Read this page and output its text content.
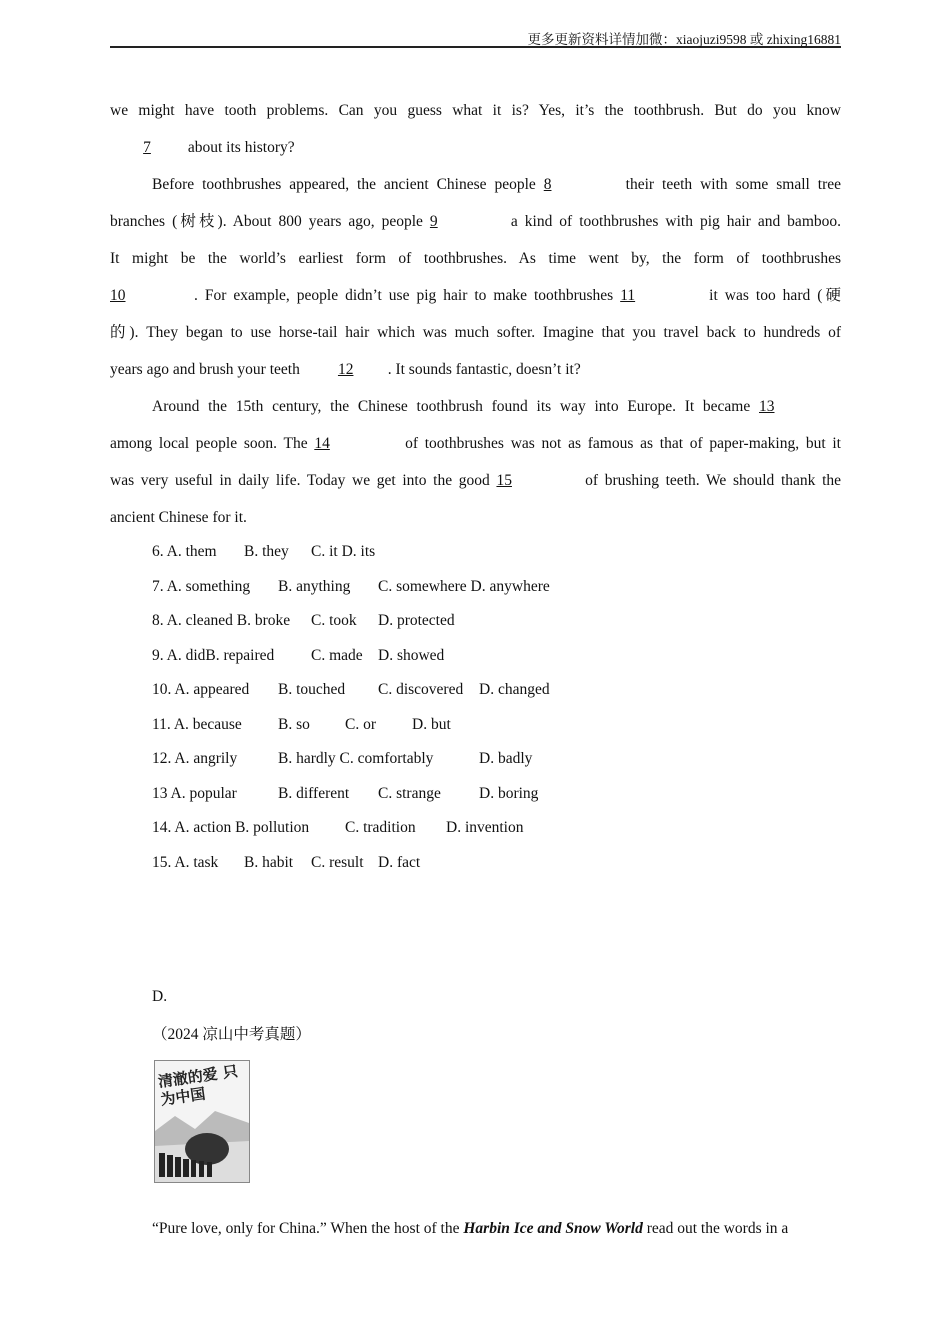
更多更新资料详情加微：xiaojuzi9598 或 zhixing16881
we might have tooth problems. Can you guess what it is? Yes, it’s the toothbrush. But do you know
7 about its history?
Before toothbrushes appeared, the ancient Chinese people 8	their teeth with some small tree
branches (树枝). About 800 years ago, people 9	a kind of toothbrushes with pig hair and bamboo.
It might be the world’s earliest form of toothbrushes. As time went by, the form of toothbrushes
10	. For example, people didn’t use pig hair to make toothbrushes 11	it was too hard (硬
的). They began to use horse-tail hair which was much softer. Imagine that you travel back to hundreds of
years ago and brush your teeth 12 . It sounds fantastic, doesn’t it?
Around the 15th century, the Chinese toothbrush found its way into Europe. It became 13
among local people soon. The 14	of toothbrushes was not as famous as that of paper-making, but it
was very useful in daily life. Today we get into the good 15	of brushing teeth. We should thank the
ancient Chinese for it.
6. A. them B. they C. it D. its
7. A. something B. anything C. somewhere D. anywhere
8. A. cleaned B. broke C. took D. protected
9. A. didB. repaired C. made D. showed
10. A. appeared B. touched C. discovered D. changed
11. A. because B. so C. or D. but
12. A. angrily	B. hardly C. comfortably	D. badly
13 A. popular	B. different C. strange D. boring
14. A. action B. pollution C. tradition D. invention
15. A. task B. habit C. result D. fact
D.
（2024 凉山中考真题）
清澈的爱 只为中国
“Pure love, only for China.” When the host of the Harbin Ice and Snow World read out the words in a
